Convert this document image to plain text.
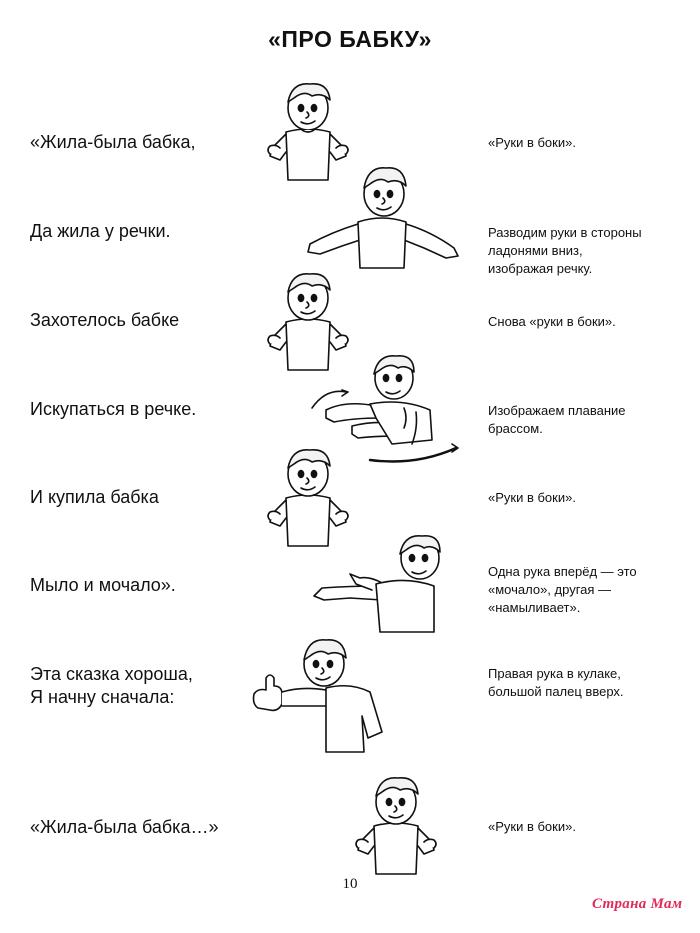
«ПРО БАБКУ»
«Жила-была бабка,
Да жила у речки.
Захотелось бабке
Искупаться в речке.
И купила бабка
Мыло и мочало».
Эта сказка хороша,
Я начну сначала:
«Жила-была бабка…»
«Руки в боки».
Разводим руки в стороны
ладонями вниз,
изображая речку.
Снова «руки в боки».
Изображаем плавание
брассом.
«Руки в боки».
Одна рука вперёд — это
«мочало», другая —
«намыливает».
Правая рука в кулаке,
большой палец вверх.
«Руки в боки».
10
Страна Мам
